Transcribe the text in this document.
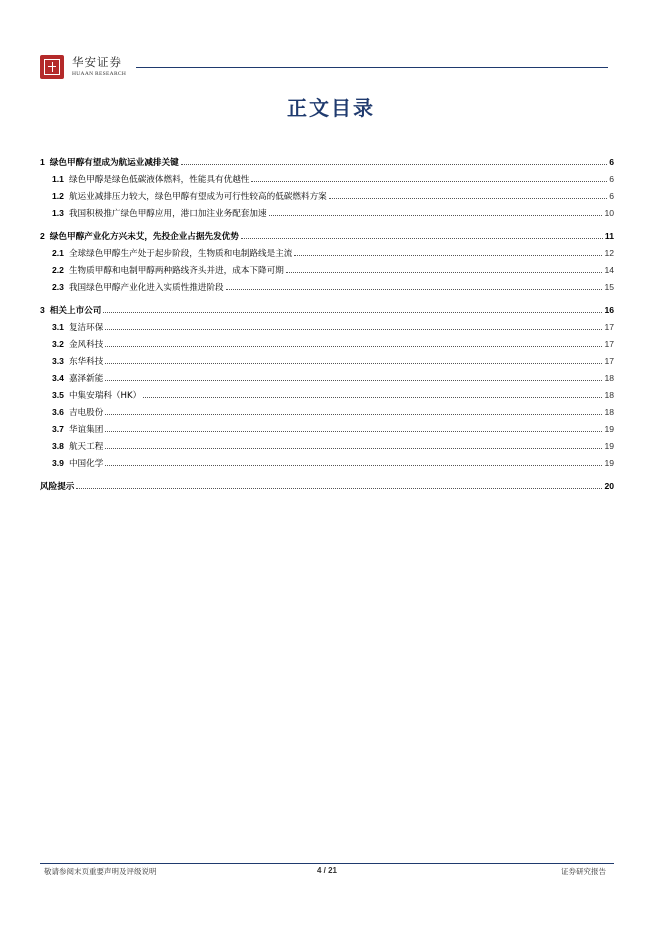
华安证券
HUAAN RESEARCH
正文目录
1 绿色甲醇有望成为航运业减排关键	6
1.1 绿色甲醇是绿色低碳液体燃料，性能具有优越性	6
1.2 航运业减排压力较大，绿色甲醇有望成为可行性较高的低碳燃料方案	6
1.3 我国积极推广绿色甲醇应用，港口加注业务配套加速	10
2 绿色甲醇产业化方兴未艾，先投企业占据先发优势	11
2.1 全球绿色甲醇生产处于起步阶段，生物质和电制路线是主流	12
2.2 生物质甲醇和电制甲醇两种路线齐头并进，成本下降可期	14
2.3 我国绿色甲醇产业化进入实质性推进阶段	15
3 相关上市公司	16
3.1 复洁环保	17
3.2 金风科技	17
3.3 东华科技	17
3.4 嘉泽新能	18
3.5 中集安瑞科（HK）	18
3.6 吉电股份	18
3.7 华谊集团	19
3.8 航天工程	19
3.9 中国化学	19
风险提示	20
敬请参阅末页重要声明及评级说明	4 / 21	证券研究报告
